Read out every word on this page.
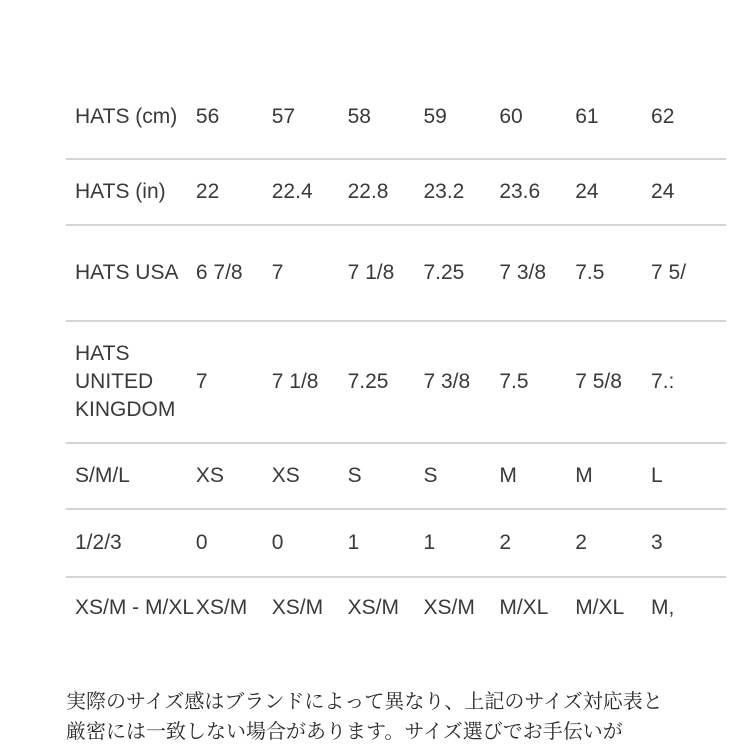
HATS (cm)	56	57	58	59	60	61	62
HATS (in)	22	22.4	22.8	23.2	23.6	24	24
HATS USA	6 7/8	7	7 1/8	7.25	7 3/8	7.5	7 5/
HATS UNITED KINGDOM	7	7 1/8	7.25	7 3/8	7.5	7 5/8	7.:
S/M/L	XS	XS	S	S	M	M	L
1/2/3	0	0	1	1	2	2	3
XS/M - M/XL	XS/M	XS/M	XS/M	XS/M	M/XL	M/XL	M,
実際のサイズ感はブランドによって異なり、上記のサイズ対応表と厳密には一致しない場合があります。サイズ選びでお手伝いが
